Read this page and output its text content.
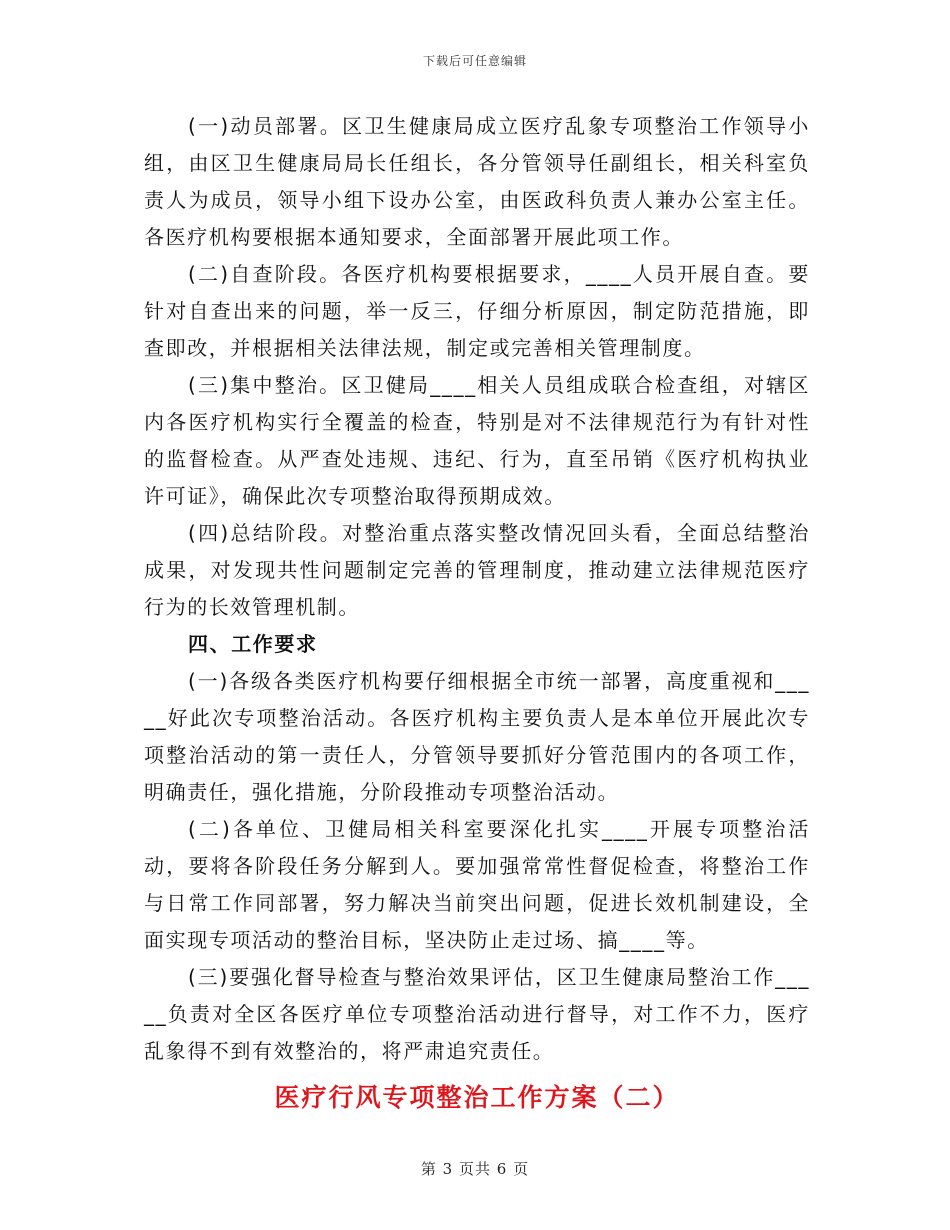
下载后可任意编辑

(一)动员部署。区卫生健康局成立医疗乱象专项整治工作领导小组，由区卫生健康局局长任组长，各分管领导任副组长，相关科室负责人为成员，领导小组下设办公室，由医政科负责人兼办公室主任。各医疗机构要根据本通知要求，全面部署开展此项工作。

(二)自查阶段。各医疗机构要根据要求，____人员开展自查。要针对自查出来的问题，举一反三，仔细分析原因，制定防范措施，即查即改，并根据相关法律法规，制定或完善相关管理制度。

(三)集中整治。区卫健局____相关人员组成联合检查组，对辖区内各医疗机构实行全覆盖的检查，特别是对不法律规范行为有针对性的监督检查。从严查处违规、违纪、行为，直至吊销《医疗机构执业许可证》，确保此次专项整治取得预期成效。

(四)总结阶段。对整治重点落实整改情况回头看，全面总结整治成果，对发现共性问题制定完善的管理制度，推动建立法律规范医疗行为的长效管理机制。

四、工作要求

(一)各级各类医疗机构要仔细根据全市统一部署，高度重视和_____好此次专项整治活动。各医疗机构主要负责人是本单位开展此次专项整治活动的第一责任人，分管领导要抓好分管范围内的各项工作，明确责任，强化措施，分阶段推动专项整治活动。

(二)各单位、卫健局相关科室要深化扎实____开展专项整治活动，要将各阶段任务分解到人。要加强常常性督促检查，将整治工作与日常工作同部署，努力解决当前突出问题，促进长效机制建设，全面实现专项活动的整治目标，坚决防止走过场、搞____等。

(三)要强化督导检查与整治效果评估，区卫生健康局整治工作_____负责对全区各医疗单位专项整治活动进行督导，对工作不力，医疗乱象得不到有效整治的，将严肃追究责任。

医疗行风专项整治工作方案（二）
第 3 页共 6 页
